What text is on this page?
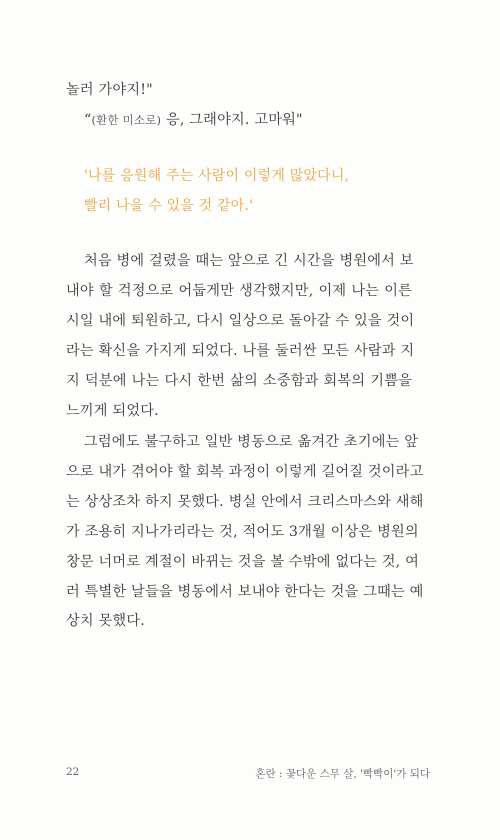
놀러 가야지!"
“(환한 미소로) 응, 그래야지. 고마워"
'나를 응원해 주는 사람이 이렇게 많았다니,
빨리 나을 수 있을 것 같아.'
처음 병에 걸렸을 때는 앞으로 긴 시간을 병원에서 보
내야 할 걱정으로 어둡게만 생각했지만, 이제 나는 이른
시일 내에 퇴원하고, 다시 일상으로 돌아갈 수 있을 것이
라는 확신을 가지게 되었다. 나를 둘러싼 모든 사람과 지
지 덕분에 나는 다시 한번 삶의 소중함과 회복의 기쁨을
느끼게 되었다.
그럼에도 불구하고 일반 병동으로 옮겨간 초기에는 앞
으로 내가 겪어야 할 회복 과정이 이렇게 길어질 것이라고
는 상상조차 하지 못했다. 병실 안에서 크리스마스와 새해
가 조용히 지나가리라는 것, 적어도 3개월 이상은 병원의
창문 너머로 계절이 바뀌는 것을 볼 수밖에 없다는 것, 여
러 특별한 날들을 병동에서 보내야 한다는 것을 그때는 예
상치 못했다.
22	혼란 : 꽃다운 스무 살, '빡빡이'가 되다
